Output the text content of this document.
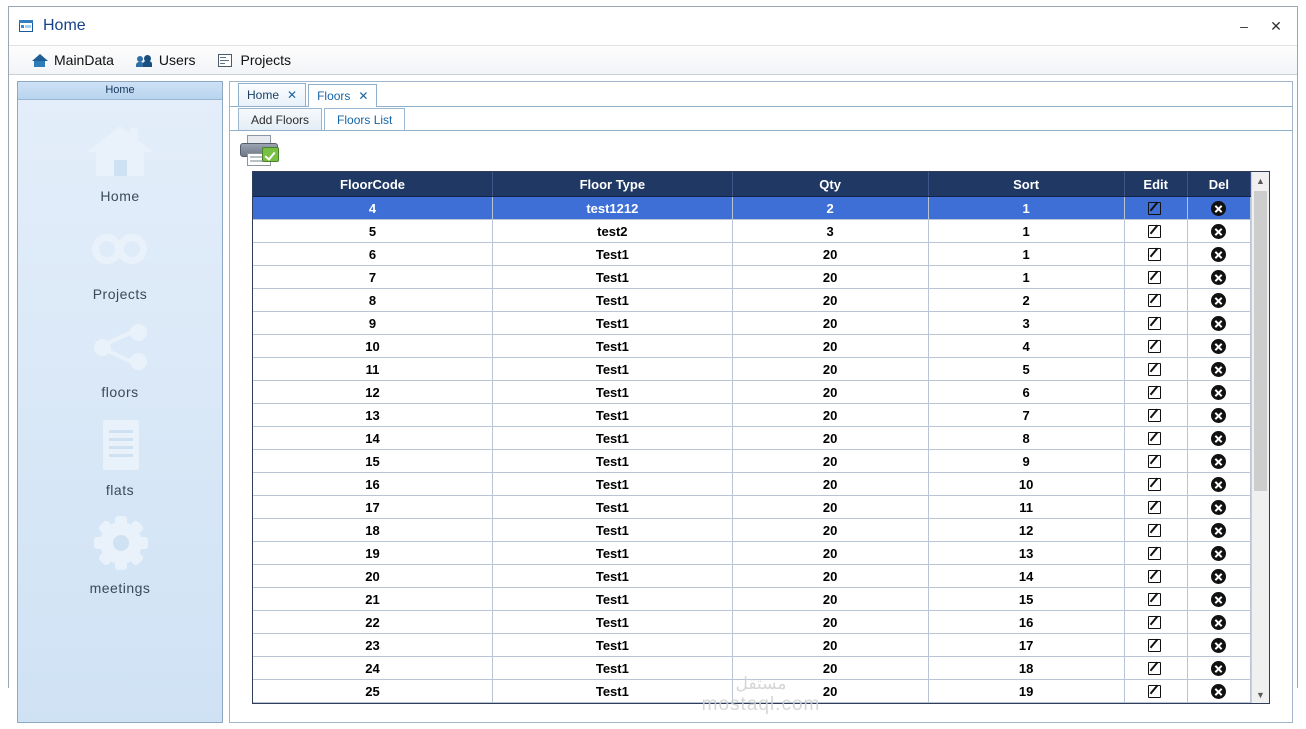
Home	–	✕
MainData	Users	Projects
Home
Home
Projects
floors
flats
meetings
Home ✕ Floors ✕
Add Floors	Floors List
FloorCode	Floor Type	Qty	Sort	Edit	Del
4	test1212	2	1	

5	test2	3	1	

6	Test1	20	1	

7	Test1	20	1	

8	Test1	20	2	

9	Test1	20	3	

10	Test1	20	4	

11	Test1	20	5	

12	Test1	20	6	

13	Test1	20	7	

14	Test1	20	8	

15	Test1	20	9	

16	Test1	20	10	

17	Test1	20	11	

18	Test1	20	12	

19	Test1	20	13	

20	Test1	20	14	

21	Test1	20	15	

22	Test1	20	16	

23	Test1	20	17	

24	Test1	20	18	

25	Test1	20	19	

▲
▼
مستقل
mostaql.com
